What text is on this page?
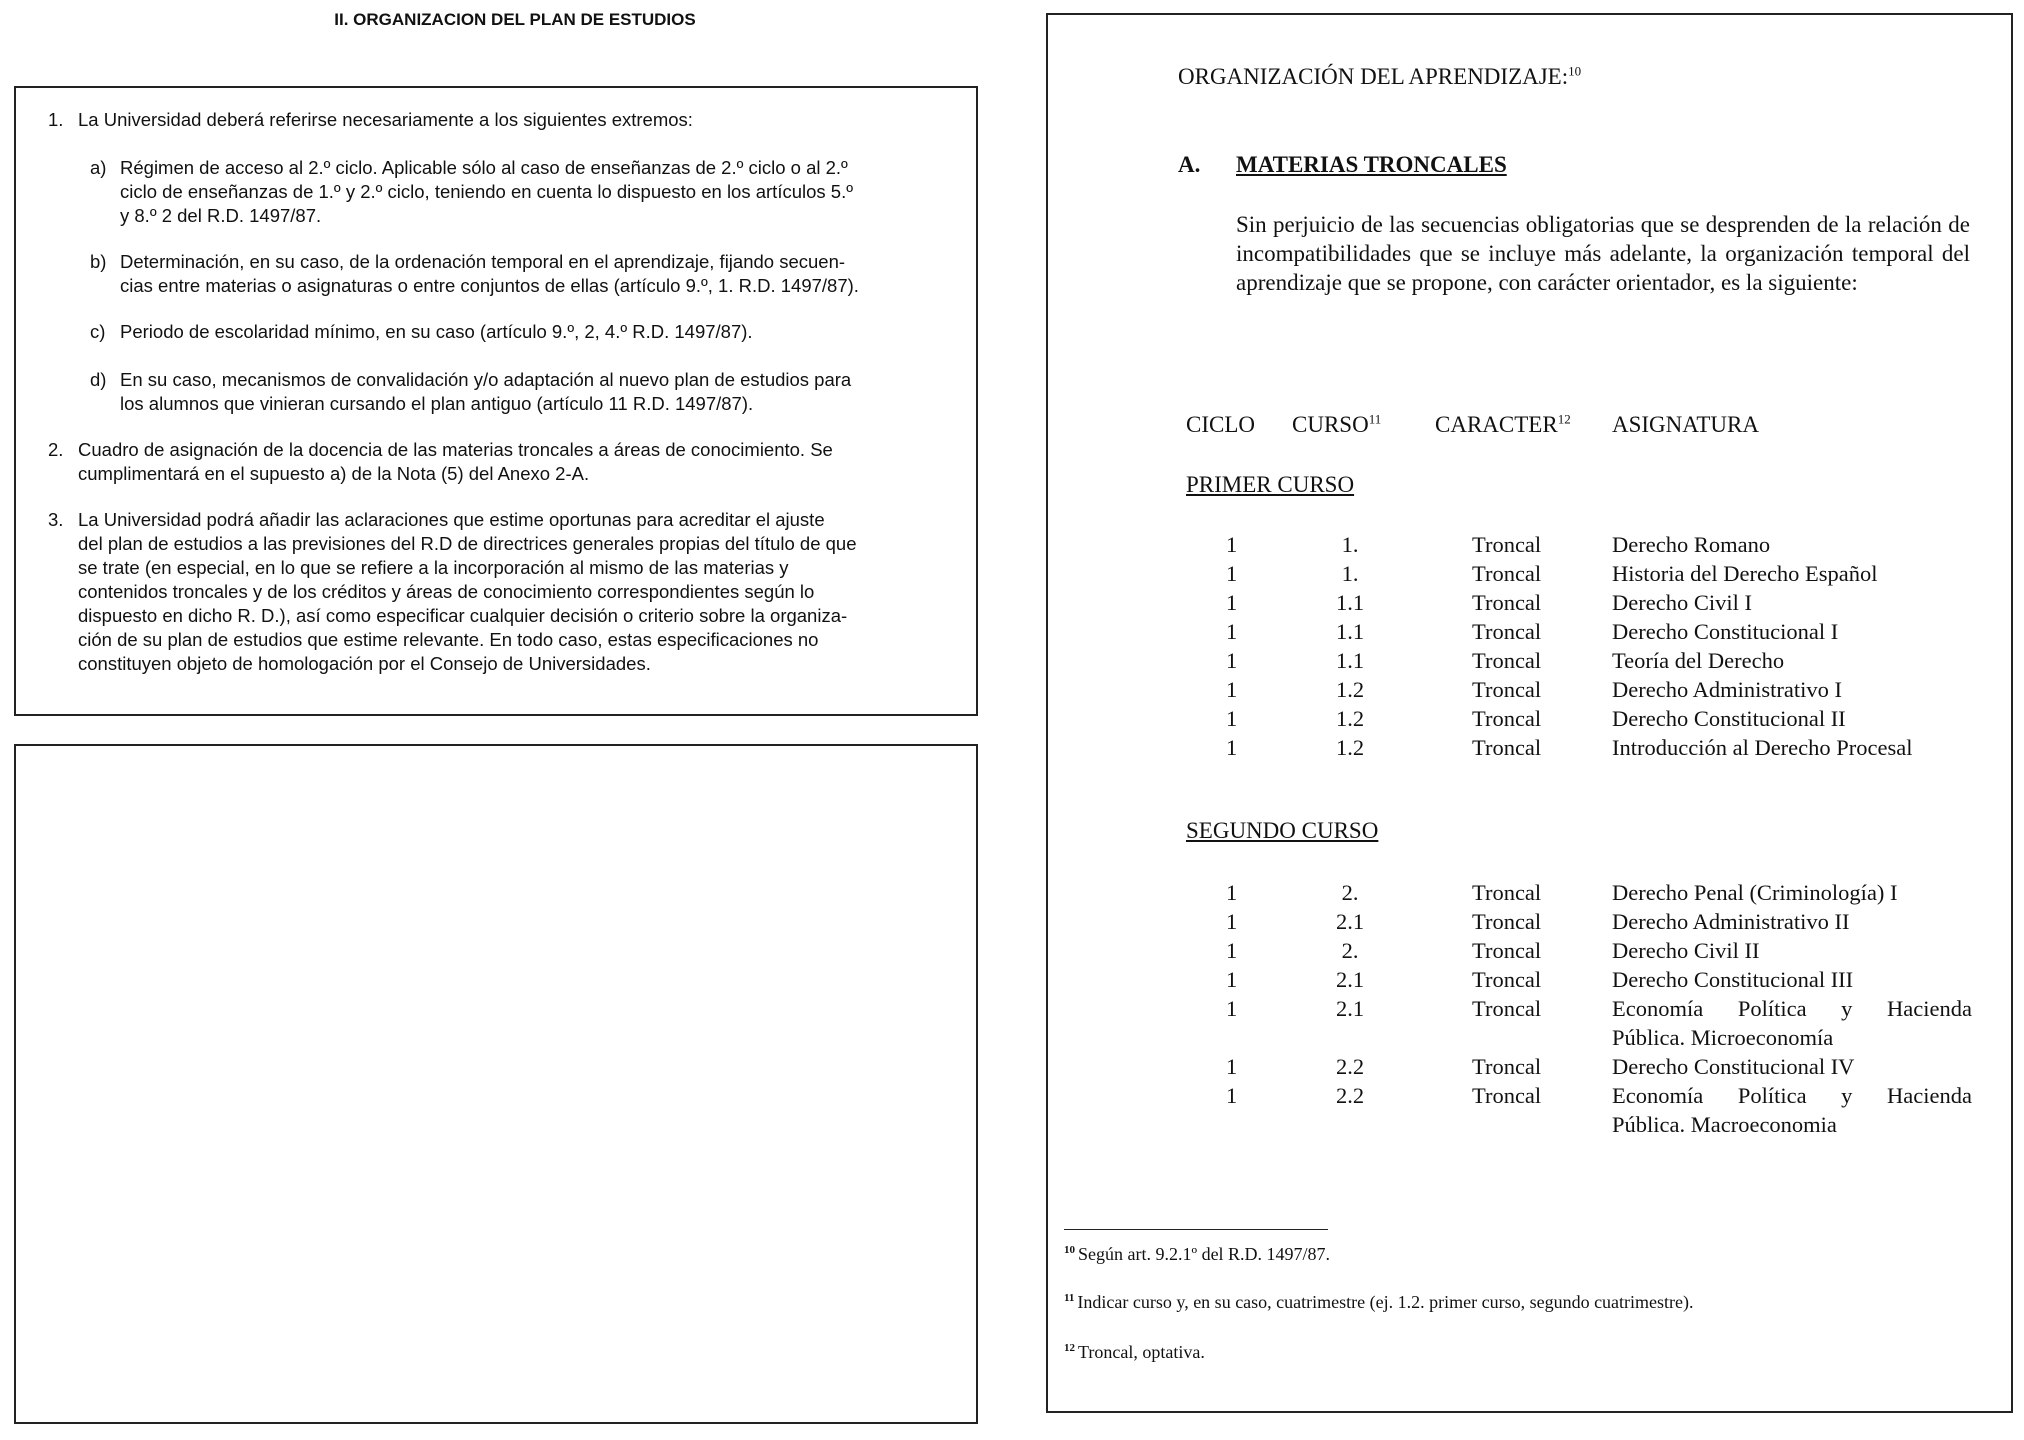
II. ORGANIZACION DEL PLAN DE ESTUDIOS
1. La Universidad deberá referirse necesariamente a los siguientes extremos:
a) Régimen de acceso al 2.º ciclo. Aplicable sólo al caso de enseñanzas de 2.º ciclo o al 2.º
ciclo de enseñanzas de 1.º y 2.º ciclo, teniendo en cuenta lo dispuesto en los artículos 5.º
y 8.º 2 del R.D. 1497/87.
b) Determinación, en su caso, de la ordenación temporal en el aprendizaje, fijando secuen-
cias entre materias o asignaturas o entre conjuntos de ellas (artículo 9.º, 1. R.D. 1497/87).
c) Periodo de escolaridad mínimo, en su caso (artículo 9.º, 2, 4.º R.D. 1497/87).
d) En su caso, mecanismos de convalidación y/o adaptación al nuevo plan de estudios para
los alumnos que vinieran cursando el plan antiguo (artículo 11 R.D. 1497/87).
2. Cuadro de asignación de la docencia de las materias troncales a áreas de conocimiento. Se
cumplimentará en el supuesto a) de la Nota (5) del Anexo 2-A.
3. La Universidad podrá añadir las aclaraciones que estime oportunas para acreditar el ajuste
del plan de estudios a las previsiones del R.D de directrices generales propias del título de que
se trate (en especial, en lo que se refiere a la incorporación al mismo de las materias y
contenidos troncales y de los créditos y áreas de conocimiento correspondientes según lo
dispuesto en dicho R. D.), así como especificar cualquier decisión o criterio sobre la organiza-
ción de su plan de estudios que estime relevante. En todo caso, estas especificaciones no
constituyen objeto de homologación por el Consejo de Universidades.
ORGANIZACIÓN DEL APRENDIZAJE:$^{10}$
A. MATERIAS TRONCALES
Sin perjuicio de las secuencias obligatorias que se desprenden de la relación de incompatibilidades que se incluye más adelante, la organización temporal del aprendizaje que se propone, con carácter orientador, es la siguiente:
CICLO CURSO$^{11}$ CARACTER$^{12}$ ASIGNATURA
PRIMER CURSO
SEGUNDO CURSO
1	1.	Troncal	Derecho Romano
1	1.	Troncal	Historia del Derecho Español
1	1.1	Troncal	Derecho Civil I
1	1.1	Troncal	Derecho Constitucional I
1	1.1	Troncal	Teoría del Derecho
1	1.2	Troncal	Derecho Administrativo I
1	1.2	Troncal	Derecho Constitucional II
1	1.2	Troncal	Introducción al Derecho Procesal
1	2.	Troncal	Derecho Penal (Criminología) I
1	2.1	Troncal	Derecho Administrativo II
1	2.	Troncal	Derecho Civil II
1	2.1	Troncal	Derecho Constitucional III
1	2.1	Troncal	Economía Política y Hacienda
Pública. Microeconomía
1	2.2	Troncal	Derecho Constitucional IV
1	2.2	Troncal	Economía Política y Hacienda
Pública. Macroeconomia
$^{10}$ Según art. 9.2.1º del R.D. 1497/87.
$^{11}$ Indicar curso y, en su caso, cuatrimestre (ej. 1.2. primer curso, segundo cuatrimestre).
$^{12}$ Troncal, optativa.
